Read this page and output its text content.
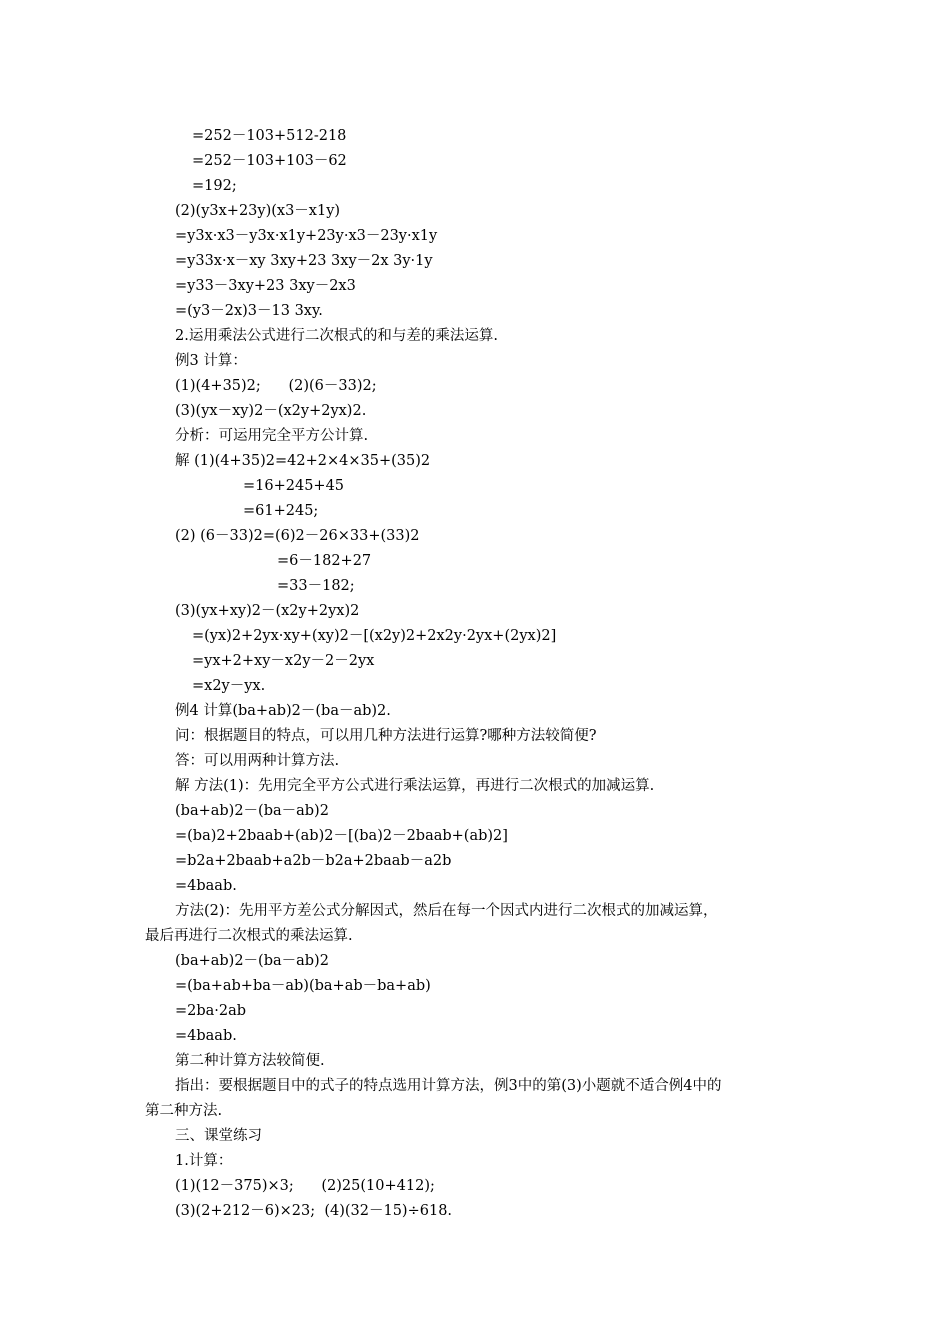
=252－103+512-218
=252－103+103－62
=192;
(2)(y3x+23y)(x3－x1y)
=y3x·x3－y3x·x1y+23y·x3－23y·x1y
=y33x·x－xy 3xy+23 3xy－2x 3y·1y
=y33－3xy+23 3xy－2x3
=(y3－2x)3－13 3xy.
2.运用乘法公式进行二次根式的和与差的乘法运算.
例3 计算：
(1)(4+35)2;      (2)(6－33)2;
(3)(yx－xy)2－(x2y+2yx)2.
分析：可运用完全平方公计算.
解 (1)(4+35)2=42+2×4×35+(35)2
=16+245+45
=61+245;
(2) (6－33)2=(6)2－26×33+(33)2
=6－182+27
=33－182;
(3)(yx+xy)2－(x2y+2yx)2
=(yx)2+2yx·xy+(xy)2－[(x2y)2+2x2y·2yx+(2yx)2]
=yx+2+xy－x2y－2－2yx
=x2y－yx.
例4 计算(ba+ab)2－(ba－ab)2.
问：根据题目的特点，可以用几种方法进行运算?哪种方法较简便?
答：可以用两种计算方法.
解 方法(1)：先用完全平方公式进行乘法运算，再进行二次根式的加减运算.
(ba+ab)2－(ba－ab)2
=(ba)2+2baab+(ab)2－[(ba)2－2baab+(ab)2]
=b2a+2baab+a2b－b2a+2baab－a2b
=4baab.
方法(2)：先用平方差公式分解因式，然后在每一个因式内进行二次根式的加减运算，
最后再进行二次根式的乘法运算.
(ba+ab)2－(ba－ab)2
=(ba+ab+ba－ab)(ba+ab－ba+ab)
=2ba·2ab
=4baab.
第二种计算方法较简便.
指出：要根据题目中的式子的特点选用计算方法，例3中的第(3)小题就不适合例4中的
第二种方法.
三、课堂练习
1.计算：
(1)(12－375)×3;      (2)25(10+412);
(3)(2+212－6)×23;  (4)(32－15)÷618.
